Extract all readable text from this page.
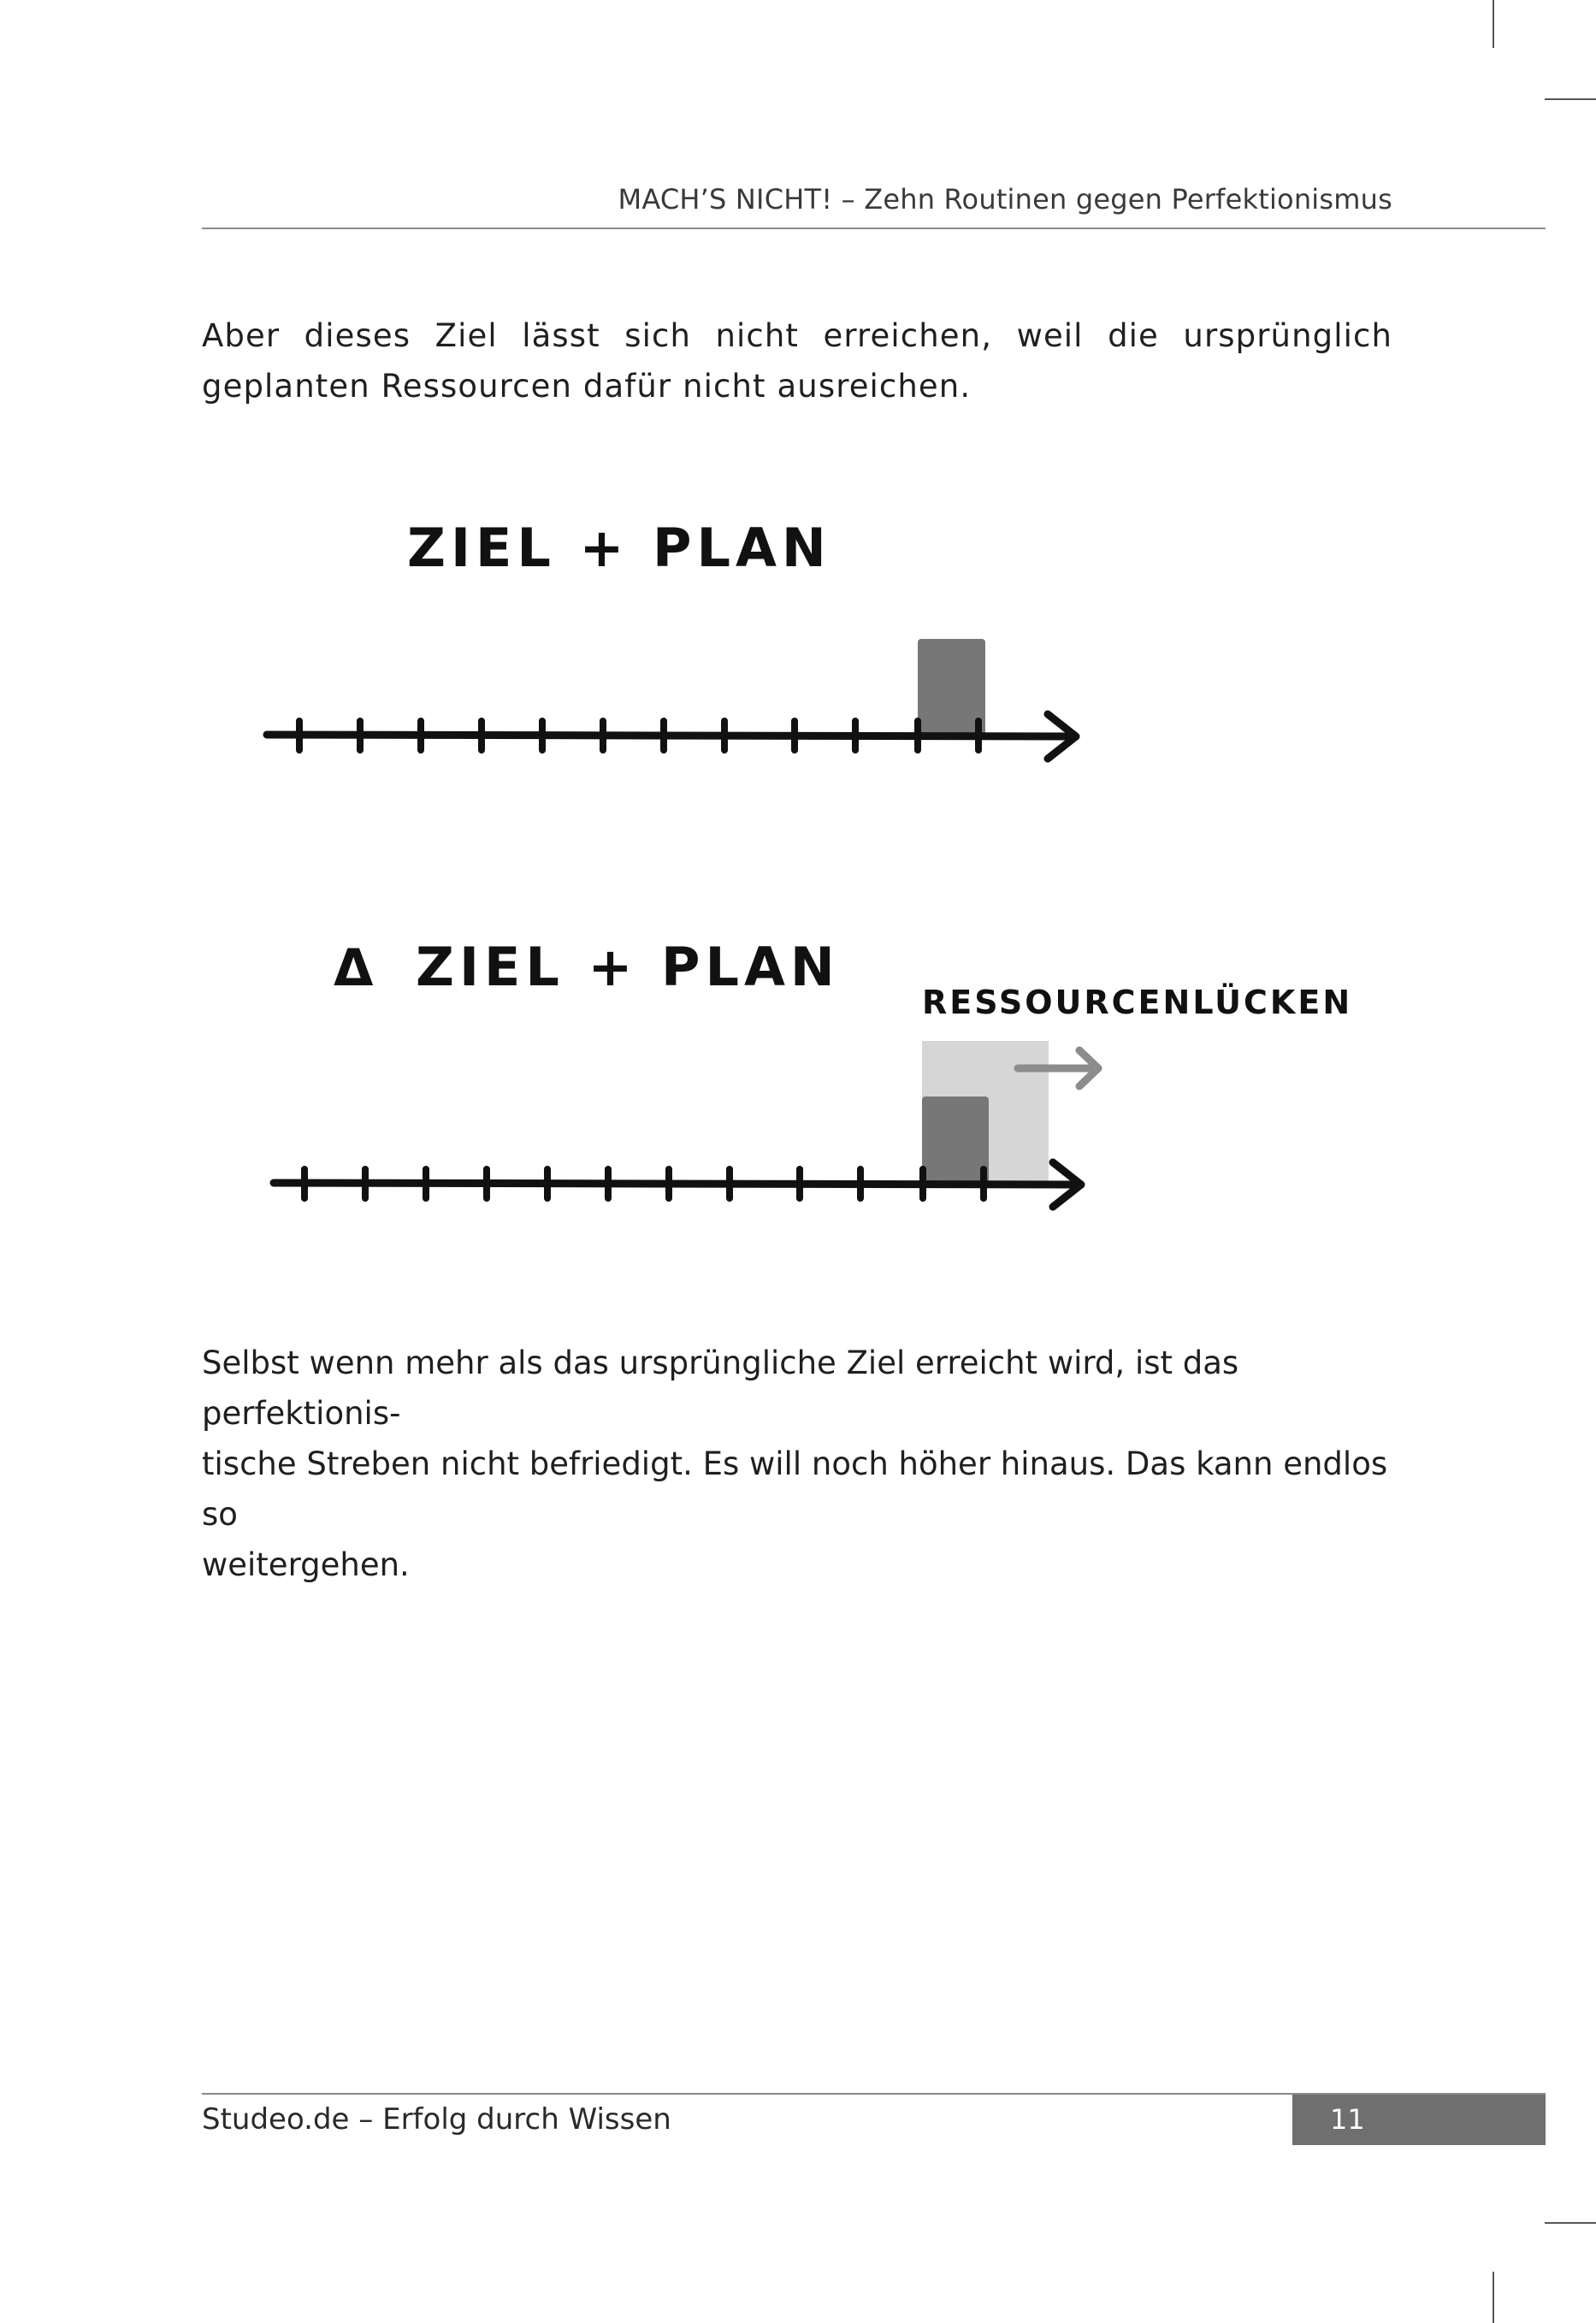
MACH’S NICHT! – Zehn Routinen gegen Perfektionismus
Aber dieses Ziel lässt sich nicht erreichen, weil die ursprünglich geplanten Ressourcen dafür nicht ausreichen.
ZIEL + PLAN
Δ ZIEL + PLAN
RESSOURCENLÜCKEN
Selbst wenn mehr als das ursprüngliche Ziel erreicht wird, ist das perfektionis-
tische Streben nicht befriedigt. Es will noch höher hinaus. Das kann endlos so
weitergehen.
Studeo.de – Erfolg durch Wissen	11
